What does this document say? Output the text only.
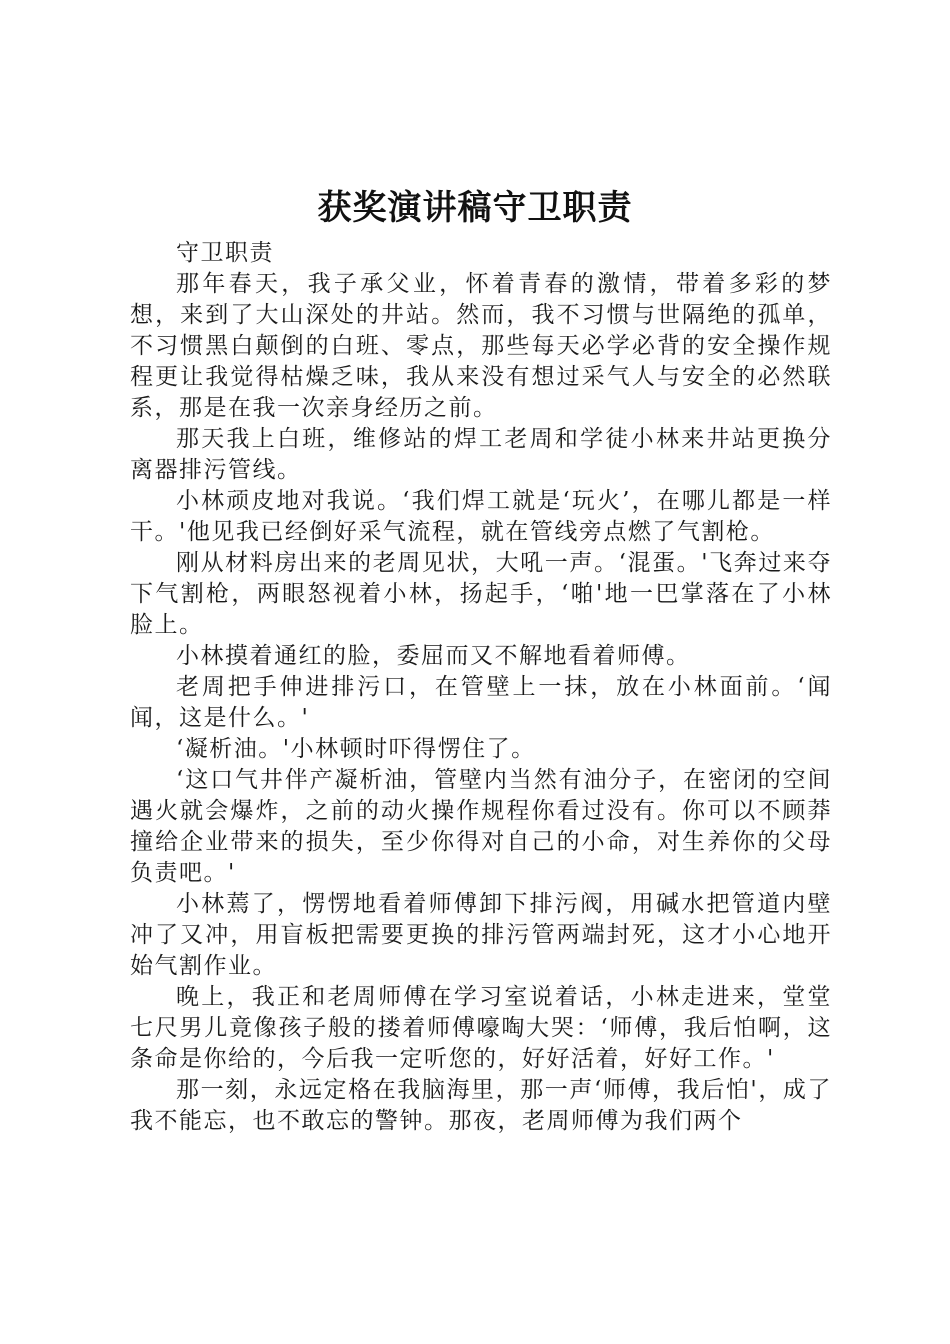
获奖演讲稿守卫职责

守卫职责

那年春天，我子承父业，怀着青春的激情，带着多彩的梦想，来到了大山深处的井站。然而，我不习惯与世隔绝的孤单，不习惯黑白颠倒的白班、零点，那些每天必学必背的安全操作规程更让我觉得枯燥乏味，我从来没有想过采气人与安全的必然联系，那是在我一次亲身经历之前。

那天我上白班，维修站的焊工老周和学徒小林来井站更换分离器排污管线。

小林顽皮地对我说。‘我们焊工就是‘玩火’，在哪儿都是一样干。'他见我已经倒好采气流程，就在管线旁点燃了气割枪。

刚从材料房出来的老周见状，大吼一声。‘混蛋。'飞奔过来夺下气割枪，两眼怒视着小林，扬起手，‘啪'地一巴掌落在了小林脸上。

小林摸着通红的脸，委屈而又不解地看着师傅。

老周把手伸进排污口，在管壁上一抹，放在小林面前。‘闻闻，这是什么。'

‘凝析油。'小林顿时吓得愣住了。

‘这口气井伴产凝析油，管壁内当然有油分子，在密闭的空间遇火就会爆炸，之前的动火操作规程你看过没有。你可以不顾莽撞给企业带来的损失，至少你得对自己的小命，对生养你的父母负责吧。'

小林蔫了，愣愣地看着师傅卸下排污阀，用碱水把管道内壁冲了又冲，用盲板把需要更换的排污管两端封死，这才小心地开始气割作业。

晚上，我正和老周师傅在学习室说着话，小林走进来，堂堂七尺男儿竟像孩子般的搂着师傅嚎啕大哭：‘师傅，我后怕啊，这条命是你给的，今后我一定听您的，好好活着，好好工作。'

那一刻，永远定格在我脑海里，那一声‘师傅，我后怕'，成了我不能忘，也不敢忘的警钟。那夜，老周师傅为我们两个
